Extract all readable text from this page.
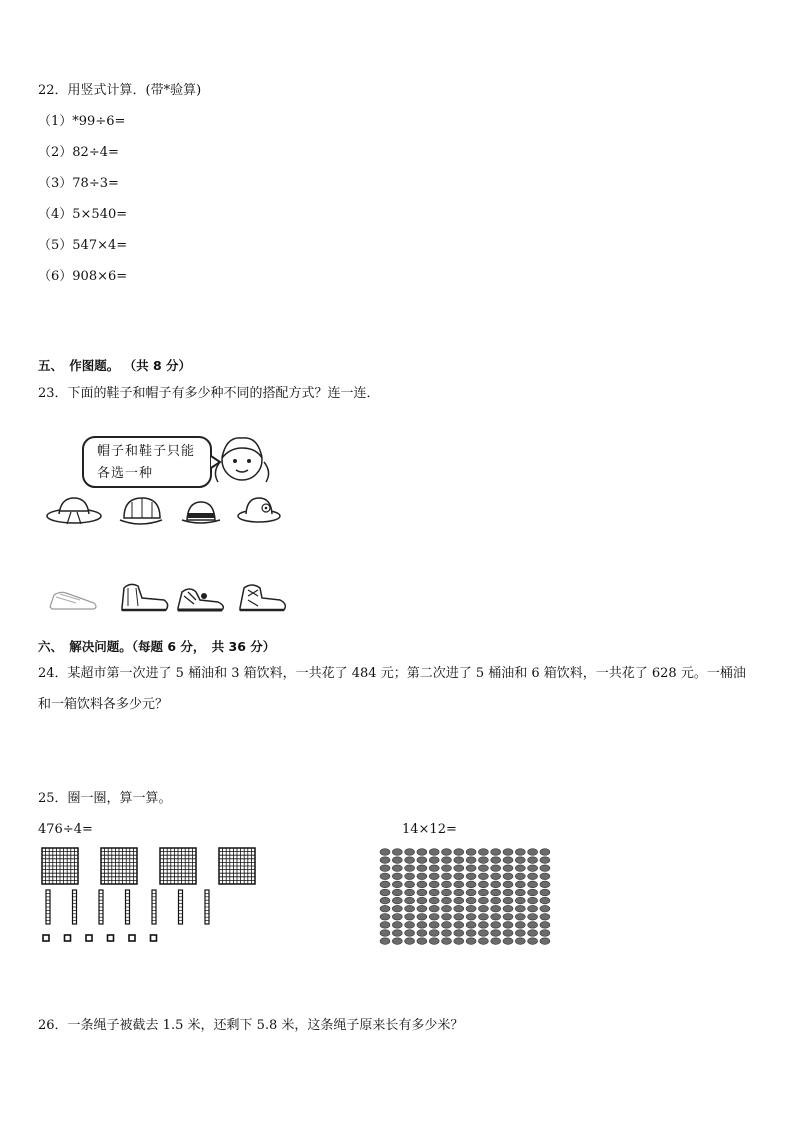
22．用竖式计算．(带*验算)
（1）*99÷6=
（2）82÷4=
（3）78÷3=
（4）5×540=
（5）547×4=
（6）908×6=
五、　作图题。 （共 8 分）
23．下面的鞋子和帽子有多少种不同的搭配方式？连一连．
帽子和鞋子只能
各选一种
六、　解决问题。（每题 6 分，　共 36 分）
24．某超市第一次进了 5 桶油和 3 箱饮料，一共花了 484 元；第二次进了 5 桶油和 6 箱饮料，一共花了 628 元。一桶油和一箱饮料各多少元？
25．圈一圈，算一算。
476÷4=	14×12=
26．一条绳子被截去 1.5 米，还剩下 5.8 米，这条绳子原来长有多少米？
